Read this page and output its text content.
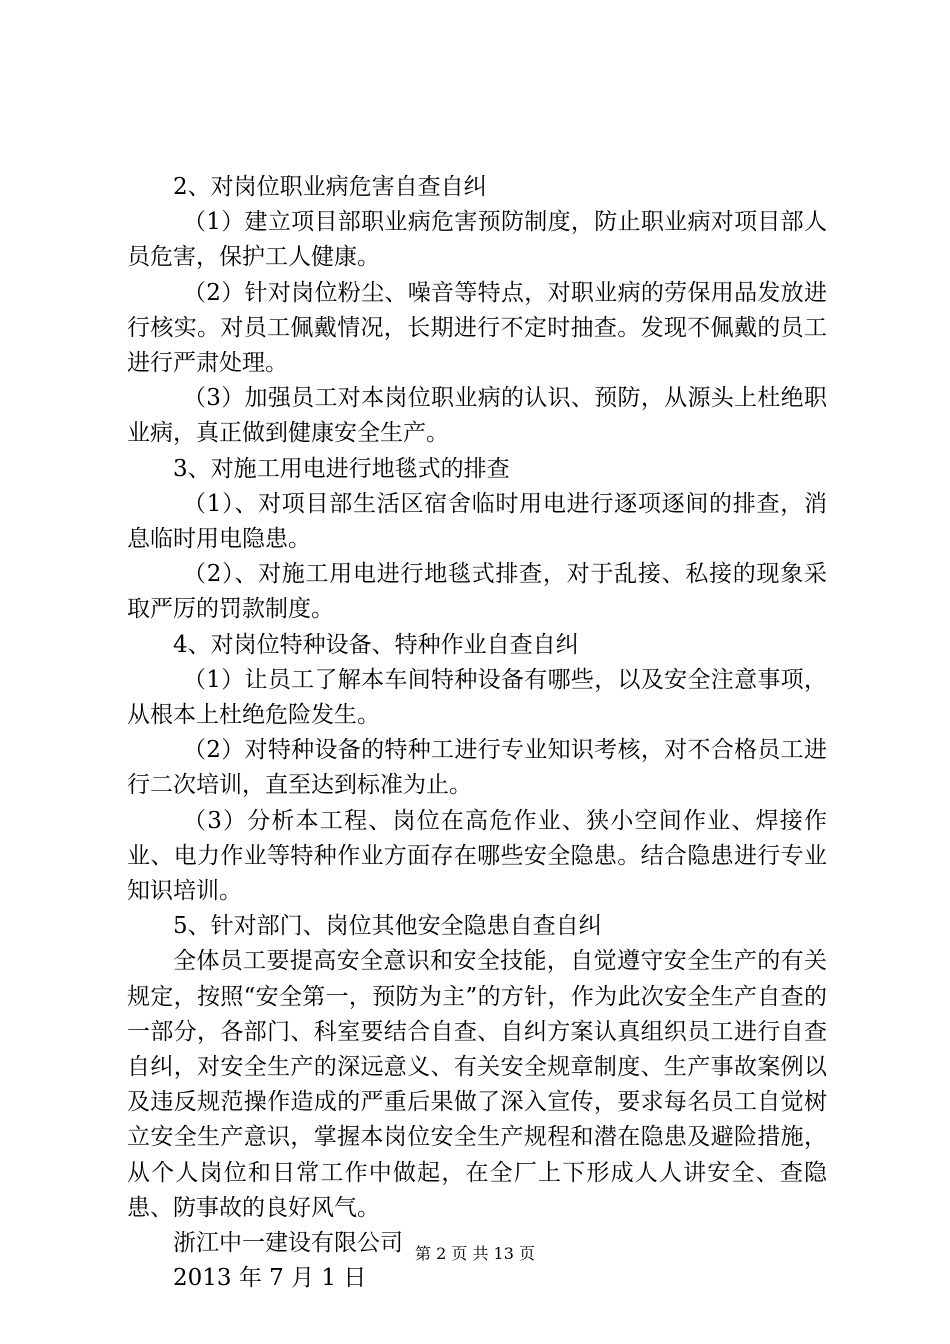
2、对岗位职业病危害自查自纠

（1）建立项目部职业病危害预防制度，防止职业病对项目部人员危害，保护工人健康。

（2）针对岗位粉尘、噪音等特点，对职业病的劳保用品发放进行核实。对员工佩戴情况，长期进行不定时抽查。发现不佩戴的员工进行严肃处理。

（3）加强员工对本岗位职业病的认识、预防，从源头上杜绝职业病，真正做到健康安全生产。

3、对施工用电进行地毯式的排查

（1）、对项目部生活区宿舍临时用电进行逐项逐间的排查，消息临时用电隐患。

（2）、对施工用电进行地毯式排查，对于乱接、私接的现象采取严厉的罚款制度。

4、对岗位特种设备、特种作业自查自纠

（1）让员工了解本车间特种设备有哪些，以及安全注意事项，从根本上杜绝危险发生。

（2）对特种设备的特种工进行专业知识考核，对不合格员工进行二次培训，直至达到标准为止。

（3）分析本工程、岗位在高危作业、狭小空间作业、焊接作业、电力作业等特种作业方面存在哪些安全隐患。结合隐患进行专业知识培训。

5、针对部门、岗位其他安全隐患自查自纠

全体员工要提高安全意识和安全技能，自觉遵守安全生产的有关规定，按照“安全第一，预防为主”的方针，作为此次安全生产自查的一部分，各部门、科室要结合自查、自纠方案认真组织员工进行自查自纠，对安全生产的深远意义、有关安全规章制度、生产事故案例以及违反规范操作造成的严重后果做了深入宣传，要求每名员工自觉树立安全生产意识，掌握本岗位安全生产规程和潜在隐患及避险措施，从个人岗位和日常工作中做起，在全厂上下形成人人讲安全、查隐患、防事故的良好风气。

浙江中一建设有限公司

2013 年 7 月 1 日

第 2 页 共 13 页
